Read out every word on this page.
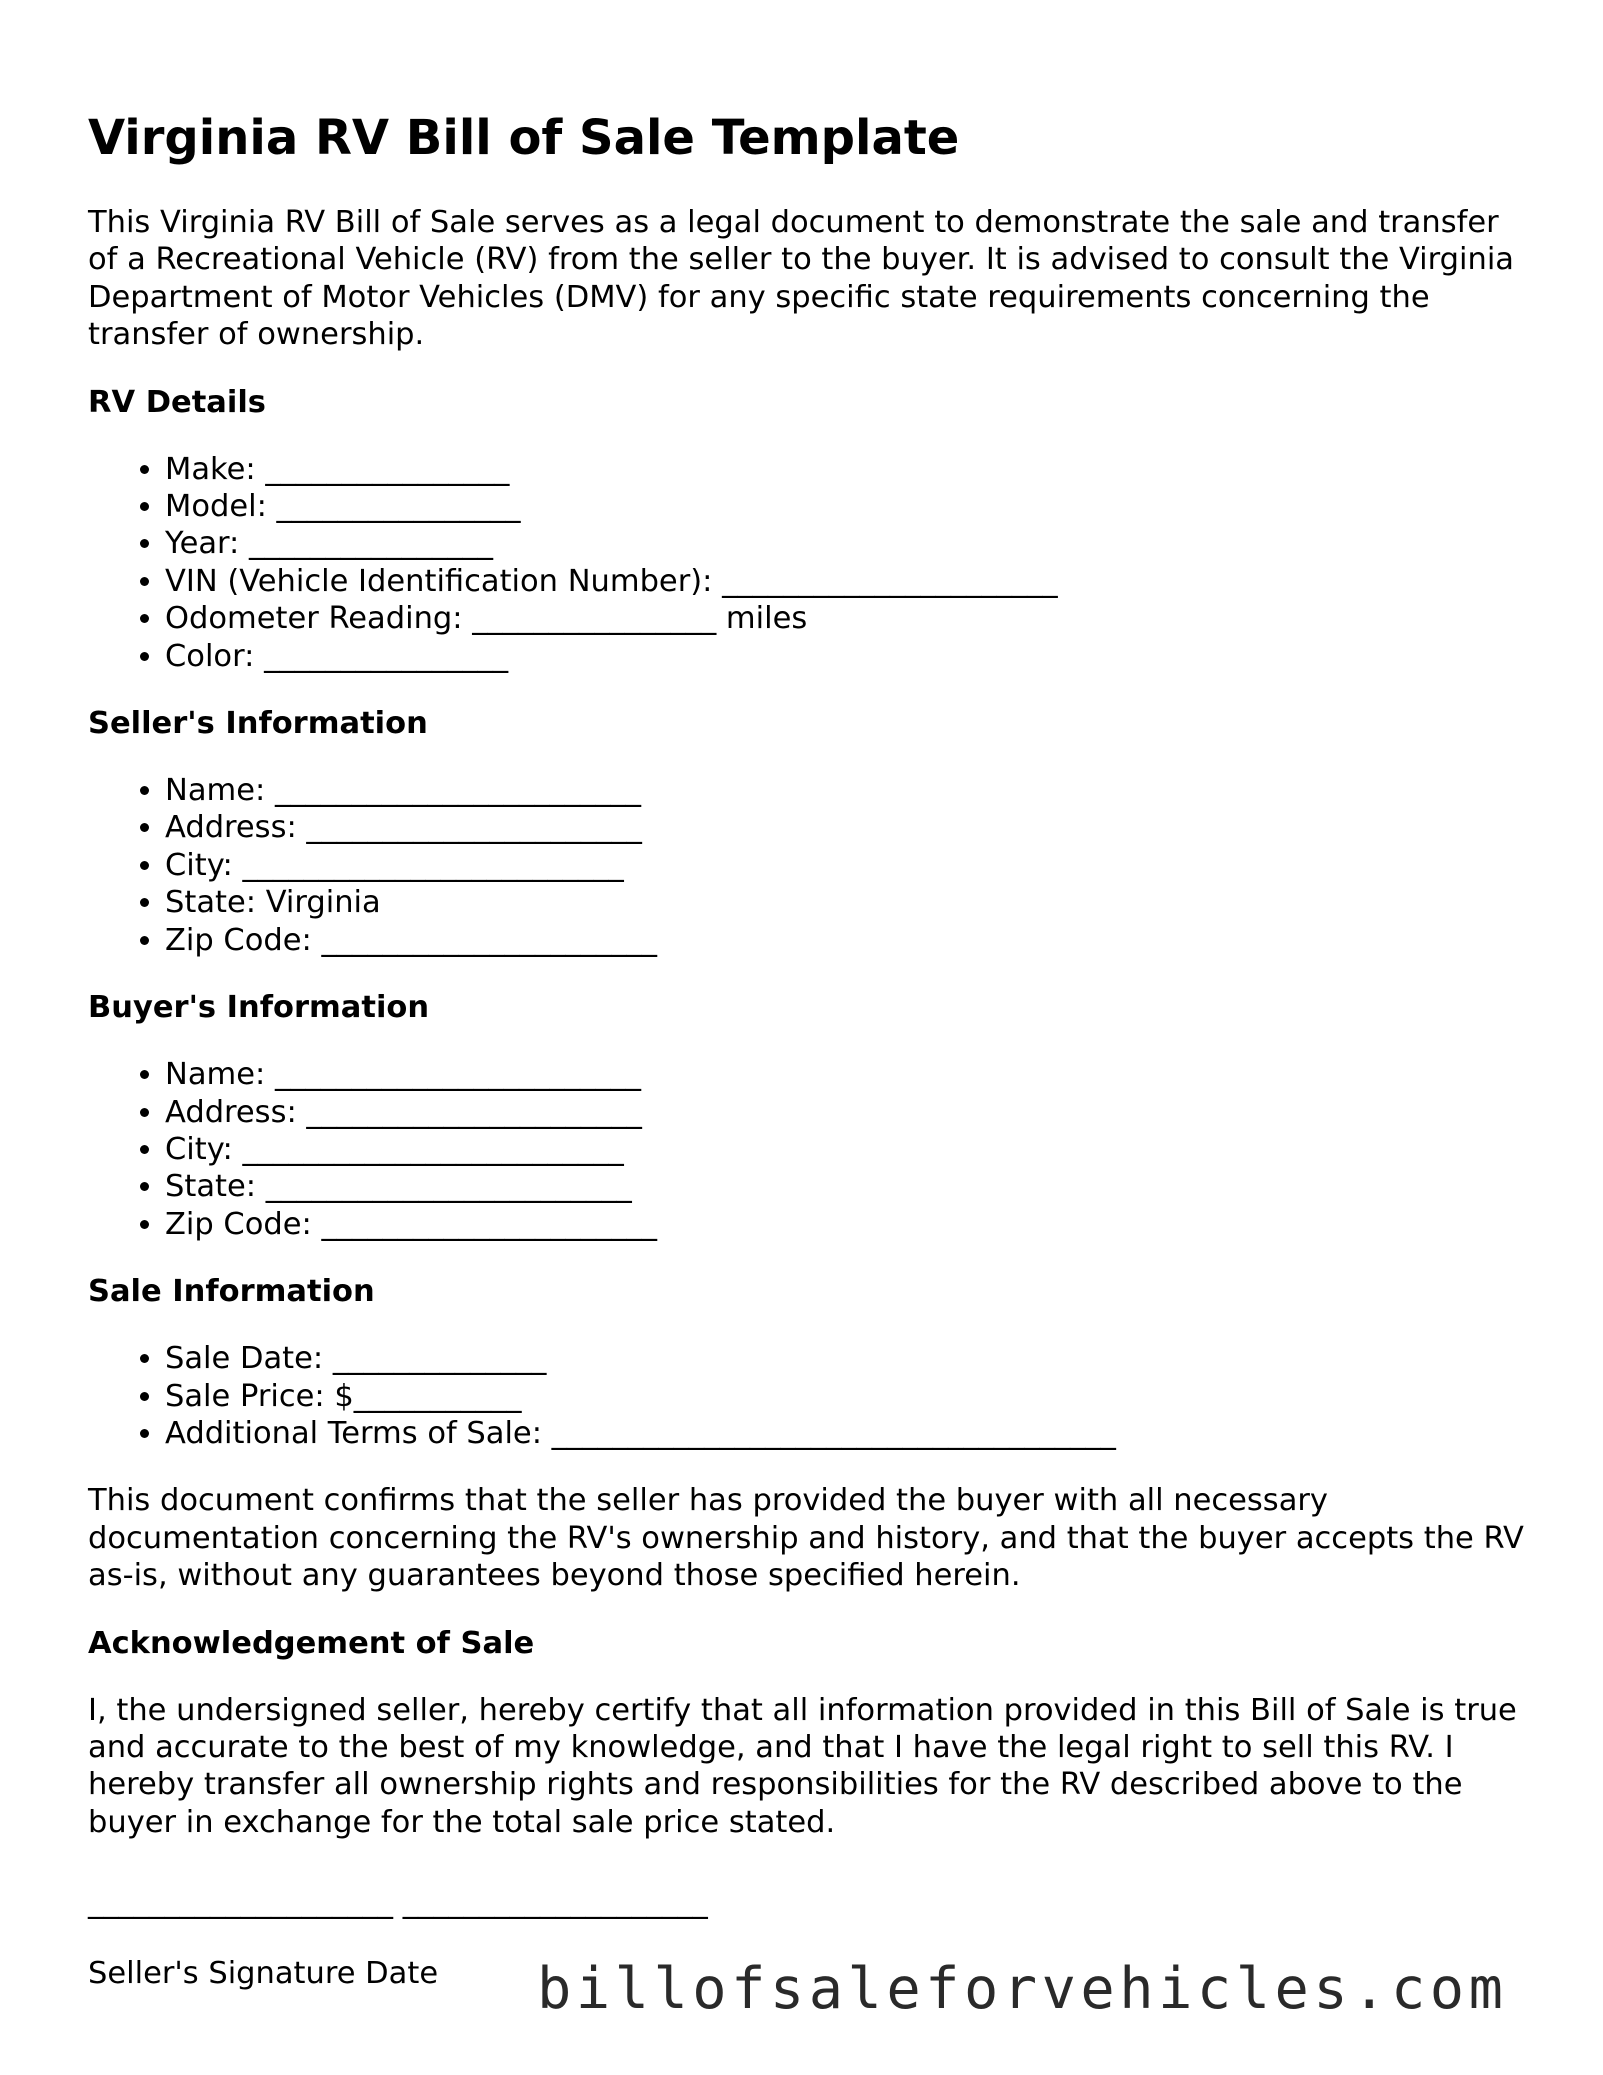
Virginia RV Bill of Sale Template

This Virginia RV Bill of Sale serves as a legal document to demonstrate the sale and transfer of a Recreational Vehicle (RV) from the seller to the buyer. It is advised to consult the Virginia Department of Motor Vehicles (DMV) for any specific state requirements concerning the transfer of ownership.

RV Details
• Make: ________________
• Model: ________________
• Year: ________________
• VIN (Vehicle Identification Number): ______________________
• Odometer Reading: ________________ miles
• Color: ________________
Seller's Information
• Name: ________________________
• Address: ______________________
• City: _________________________
• State: Virginia
• Zip Code: ______________________
Buyer's Information
• Name: ________________________
• Address: ______________________
• City: _________________________
• State: ________________________
• Zip Code: ______________________
Sale Information
• Sale Date: ______________
• Sale Price: $___________
• Additional Terms of Sale: _____________________________________

This document confirms that the seller has provided the buyer with all necessary documentation concerning the RV's ownership and history, and that the buyer accepts the RV as-is, without any guarantees beyond those specified herein.

Acknowledgement of Sale

I, the undersigned seller, hereby certify that all information provided in this Bill of Sale is true and accurate to the best of my knowledge, and that I have the legal right to sell this RV. I hereby transfer all ownership rights and responsibilities for the RV described above to the buyer in exchange for the total sale price stated.

____________________ ____________________
Seller's Signature Date	billofsaleforvehicles.com
